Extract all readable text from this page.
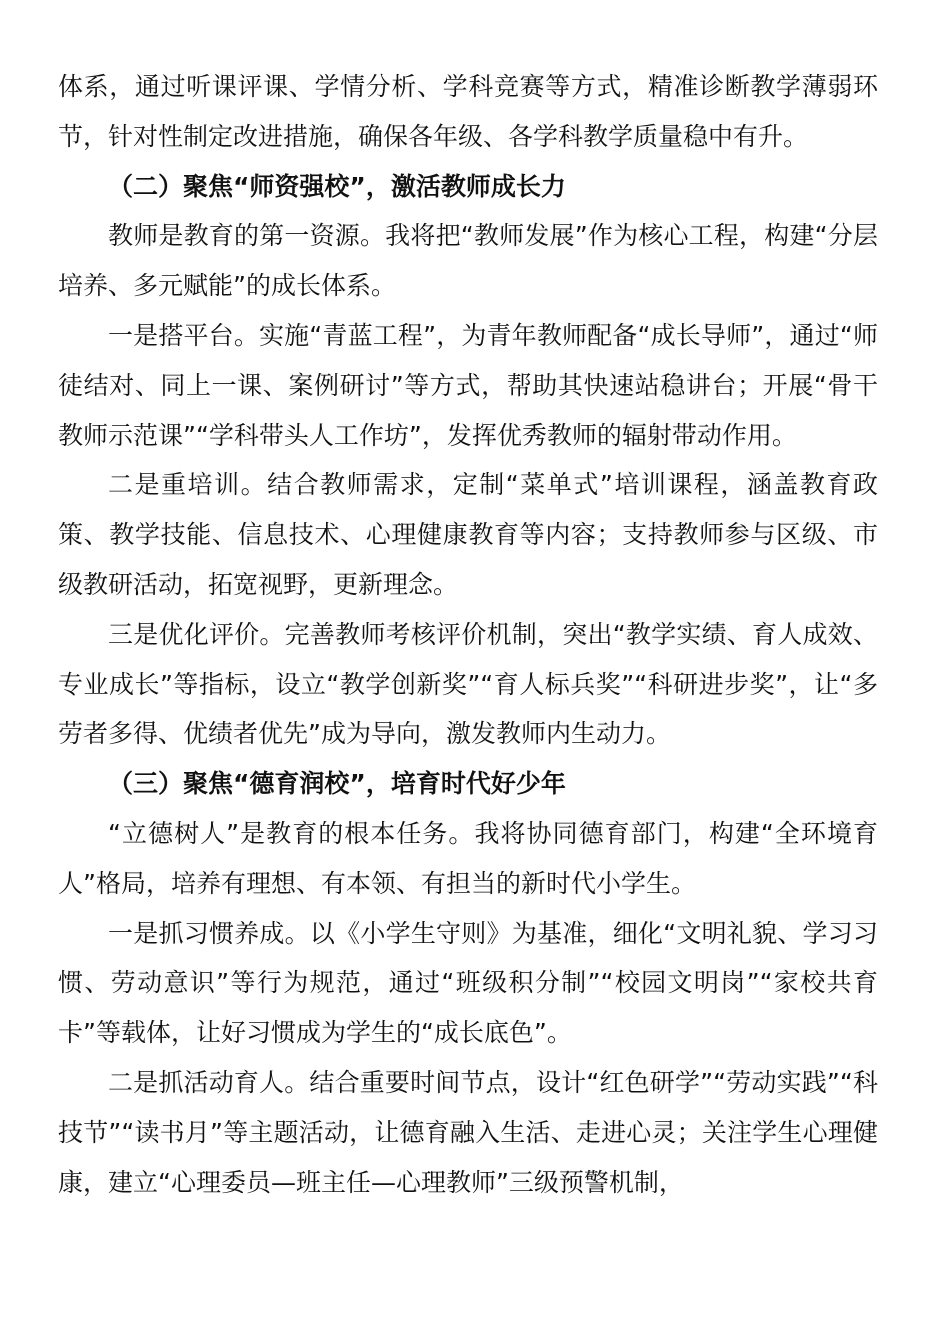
体系，通过听课评课、学情分析、学科竞赛等方式，精准诊断教学薄弱环节，针对性制定改进措施，确保各年级、各学科教学质量稳中有升。

（二）聚焦“师资强校”，激活教师成长力

教师是教育的第一资源。我将把“教师发展”作为核心工程，构建“分层培养、多元赋能”的成长体系。

一是搭平台。实施“青蓝工程”，为青年教师配备“成长导师”，通过“师徒结对、同上一课、案例研讨”等方式，帮助其快速站稳讲台；开展“骨干教师示范课”“学科带头人工作坊”，发挥优秀教师的辐射带动作用。

二是重培训。结合教师需求，定制“菜单式”培训课程，涵盖教育政策、教学技能、信息技术、心理健康教育等内容；支持教师参与区级、市级教研活动，拓宽视野，更新理念。

三是优化评价。完善教师考核评价机制，突出“教学实绩、育人成效、专业成长”等指标，设立“教学创新奖”“育人标兵奖”“科研进步奖”，让“多劳者多得、优绩者优先”成为导向，激发教师内生动力。

（三）聚焦“德育润校”，培育时代好少年

“立德树人”是教育的根本任务。我将协同德育部门，构建“全环境育人”格局，培养有理想、有本领、有担当的新时代小学生。

一是抓习惯养成。以《小学生守则》为基准，细化“文明礼貌、学习习惯、劳动意识”等行为规范，通过“班级积分制”“校园文明岗”“家校共育卡”等载体，让好习惯成为学生的“成长底色”。

二是抓活动育人。结合重要时间节点，设计“红色研学”“劳动实践”“科技节”“读书月”等主题活动，让德育融入生活、走进心灵；关注学生心理健康，建立“心理委员—班主任—心理教师”三级预警机制，
